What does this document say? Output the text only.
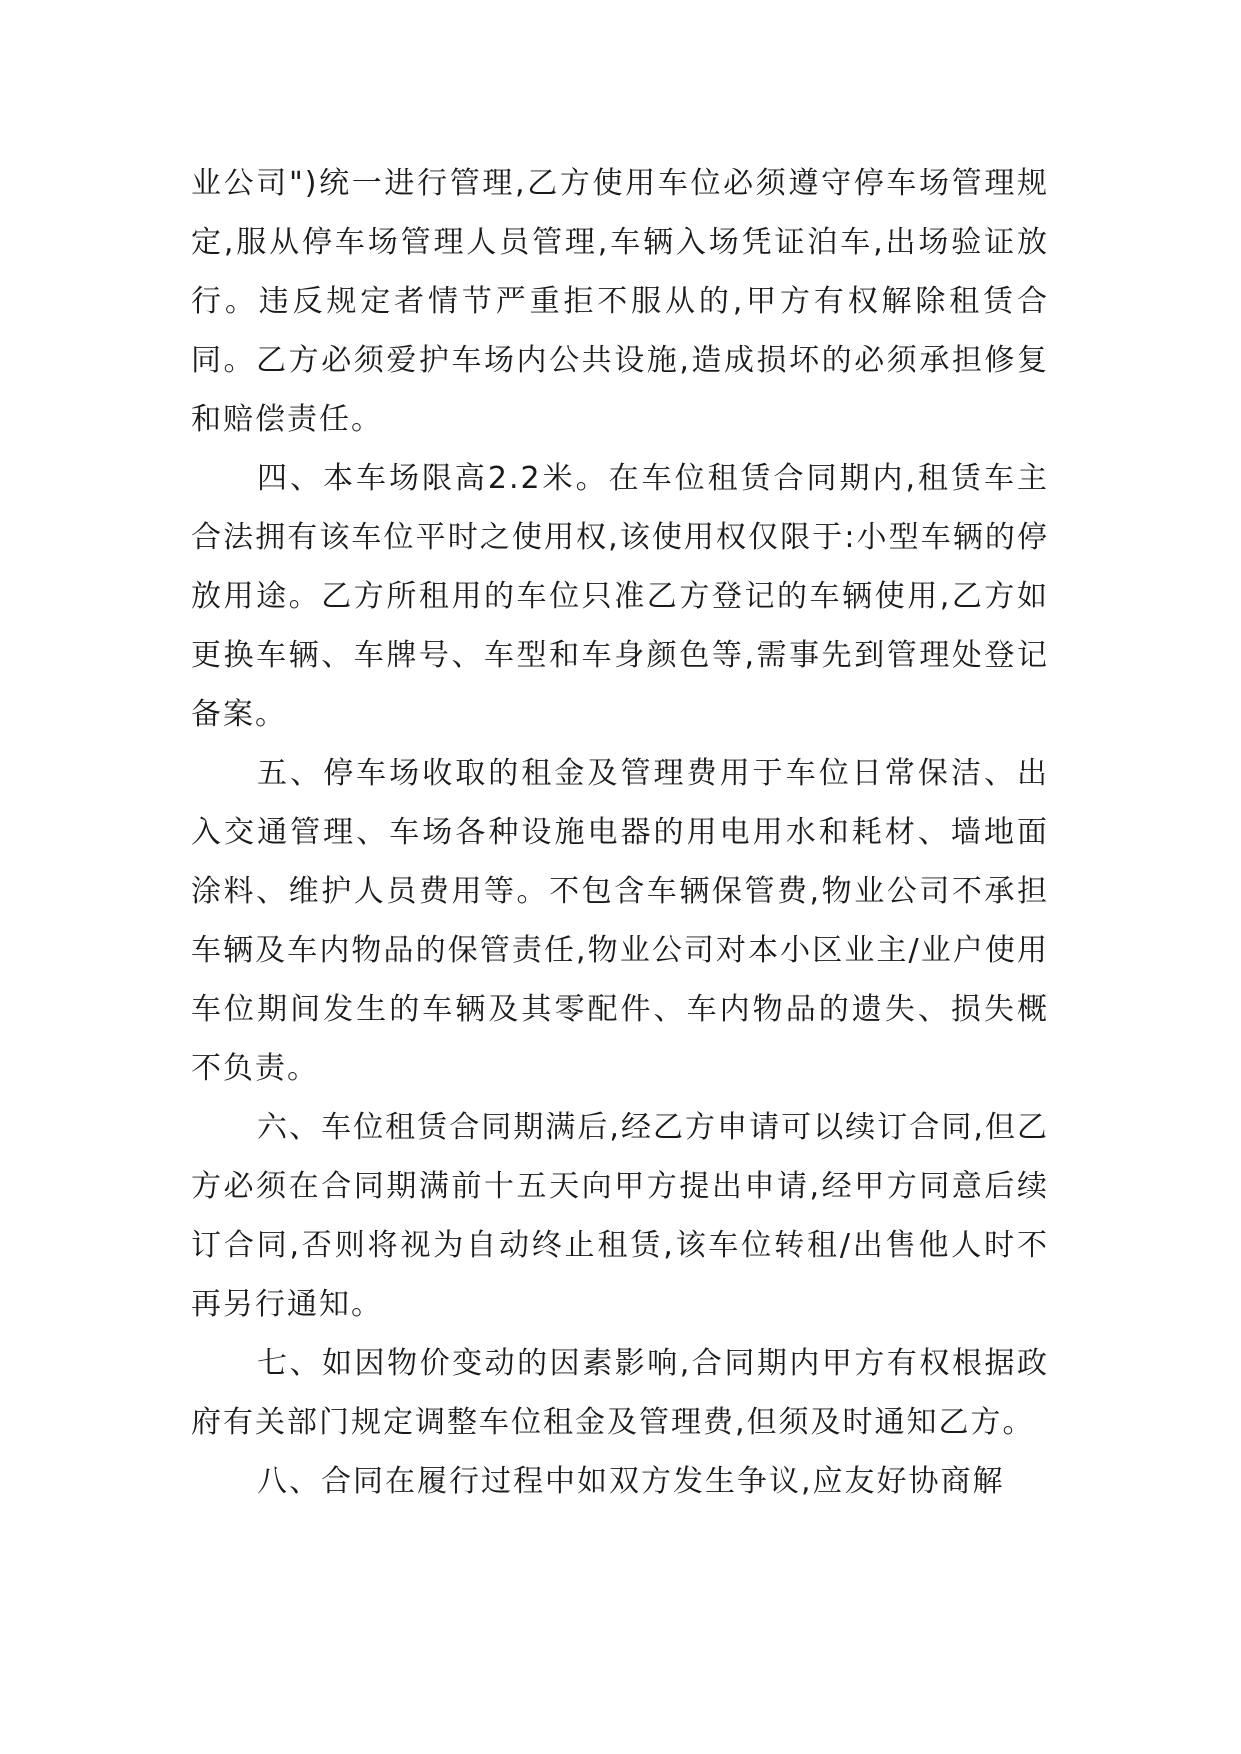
业公司")统一进行管理,乙方使用车位必须遵守停车场管理规定,服从停车场管理人员管理,车辆入场凭证泊车,出场验证放行。违反规定者情节严重拒不服从的,甲方有权解除租赁合同。乙方必须爱护车场内公共设施,造成损坏的必须承担修复和赔偿责任。

四、本车场限高2.2米。在车位租赁合同期内,租赁车主合法拥有该车位平时之使用权,该使用权仅限于:小型车辆的停放用途。乙方所租用的车位只准乙方登记的车辆使用,乙方如更换车辆、车牌号、车型和车身颜色等,需事先到管理处登记备案。

五、停车场收取的租金及管理费用于车位日常保洁、出入交通管理、车场各种设施电器的用电用水和耗材、墙地面涂料、维护人员费用等。不包含车辆保管费,物业公司不承担车辆及车内物品的保管责任,物业公司对本小区业主/业户使用车位期间发生的车辆及其零配件、车内物品的遗失、损失概不负责。

六、车位租赁合同期满后,经乙方申请可以续订合同,但乙方必须在合同期满前十五天向甲方提出申请,经甲方同意后续订合同,否则将视为自动终止租赁,该车位转租/出售他人时不再另行通知。

七、如因物价变动的因素影响,合同期内甲方有权根据政府有关部门规定调整车位租金及管理费,但须及时通知乙方。

八、合同在履行过程中如双方发生争议,应友好协商解
